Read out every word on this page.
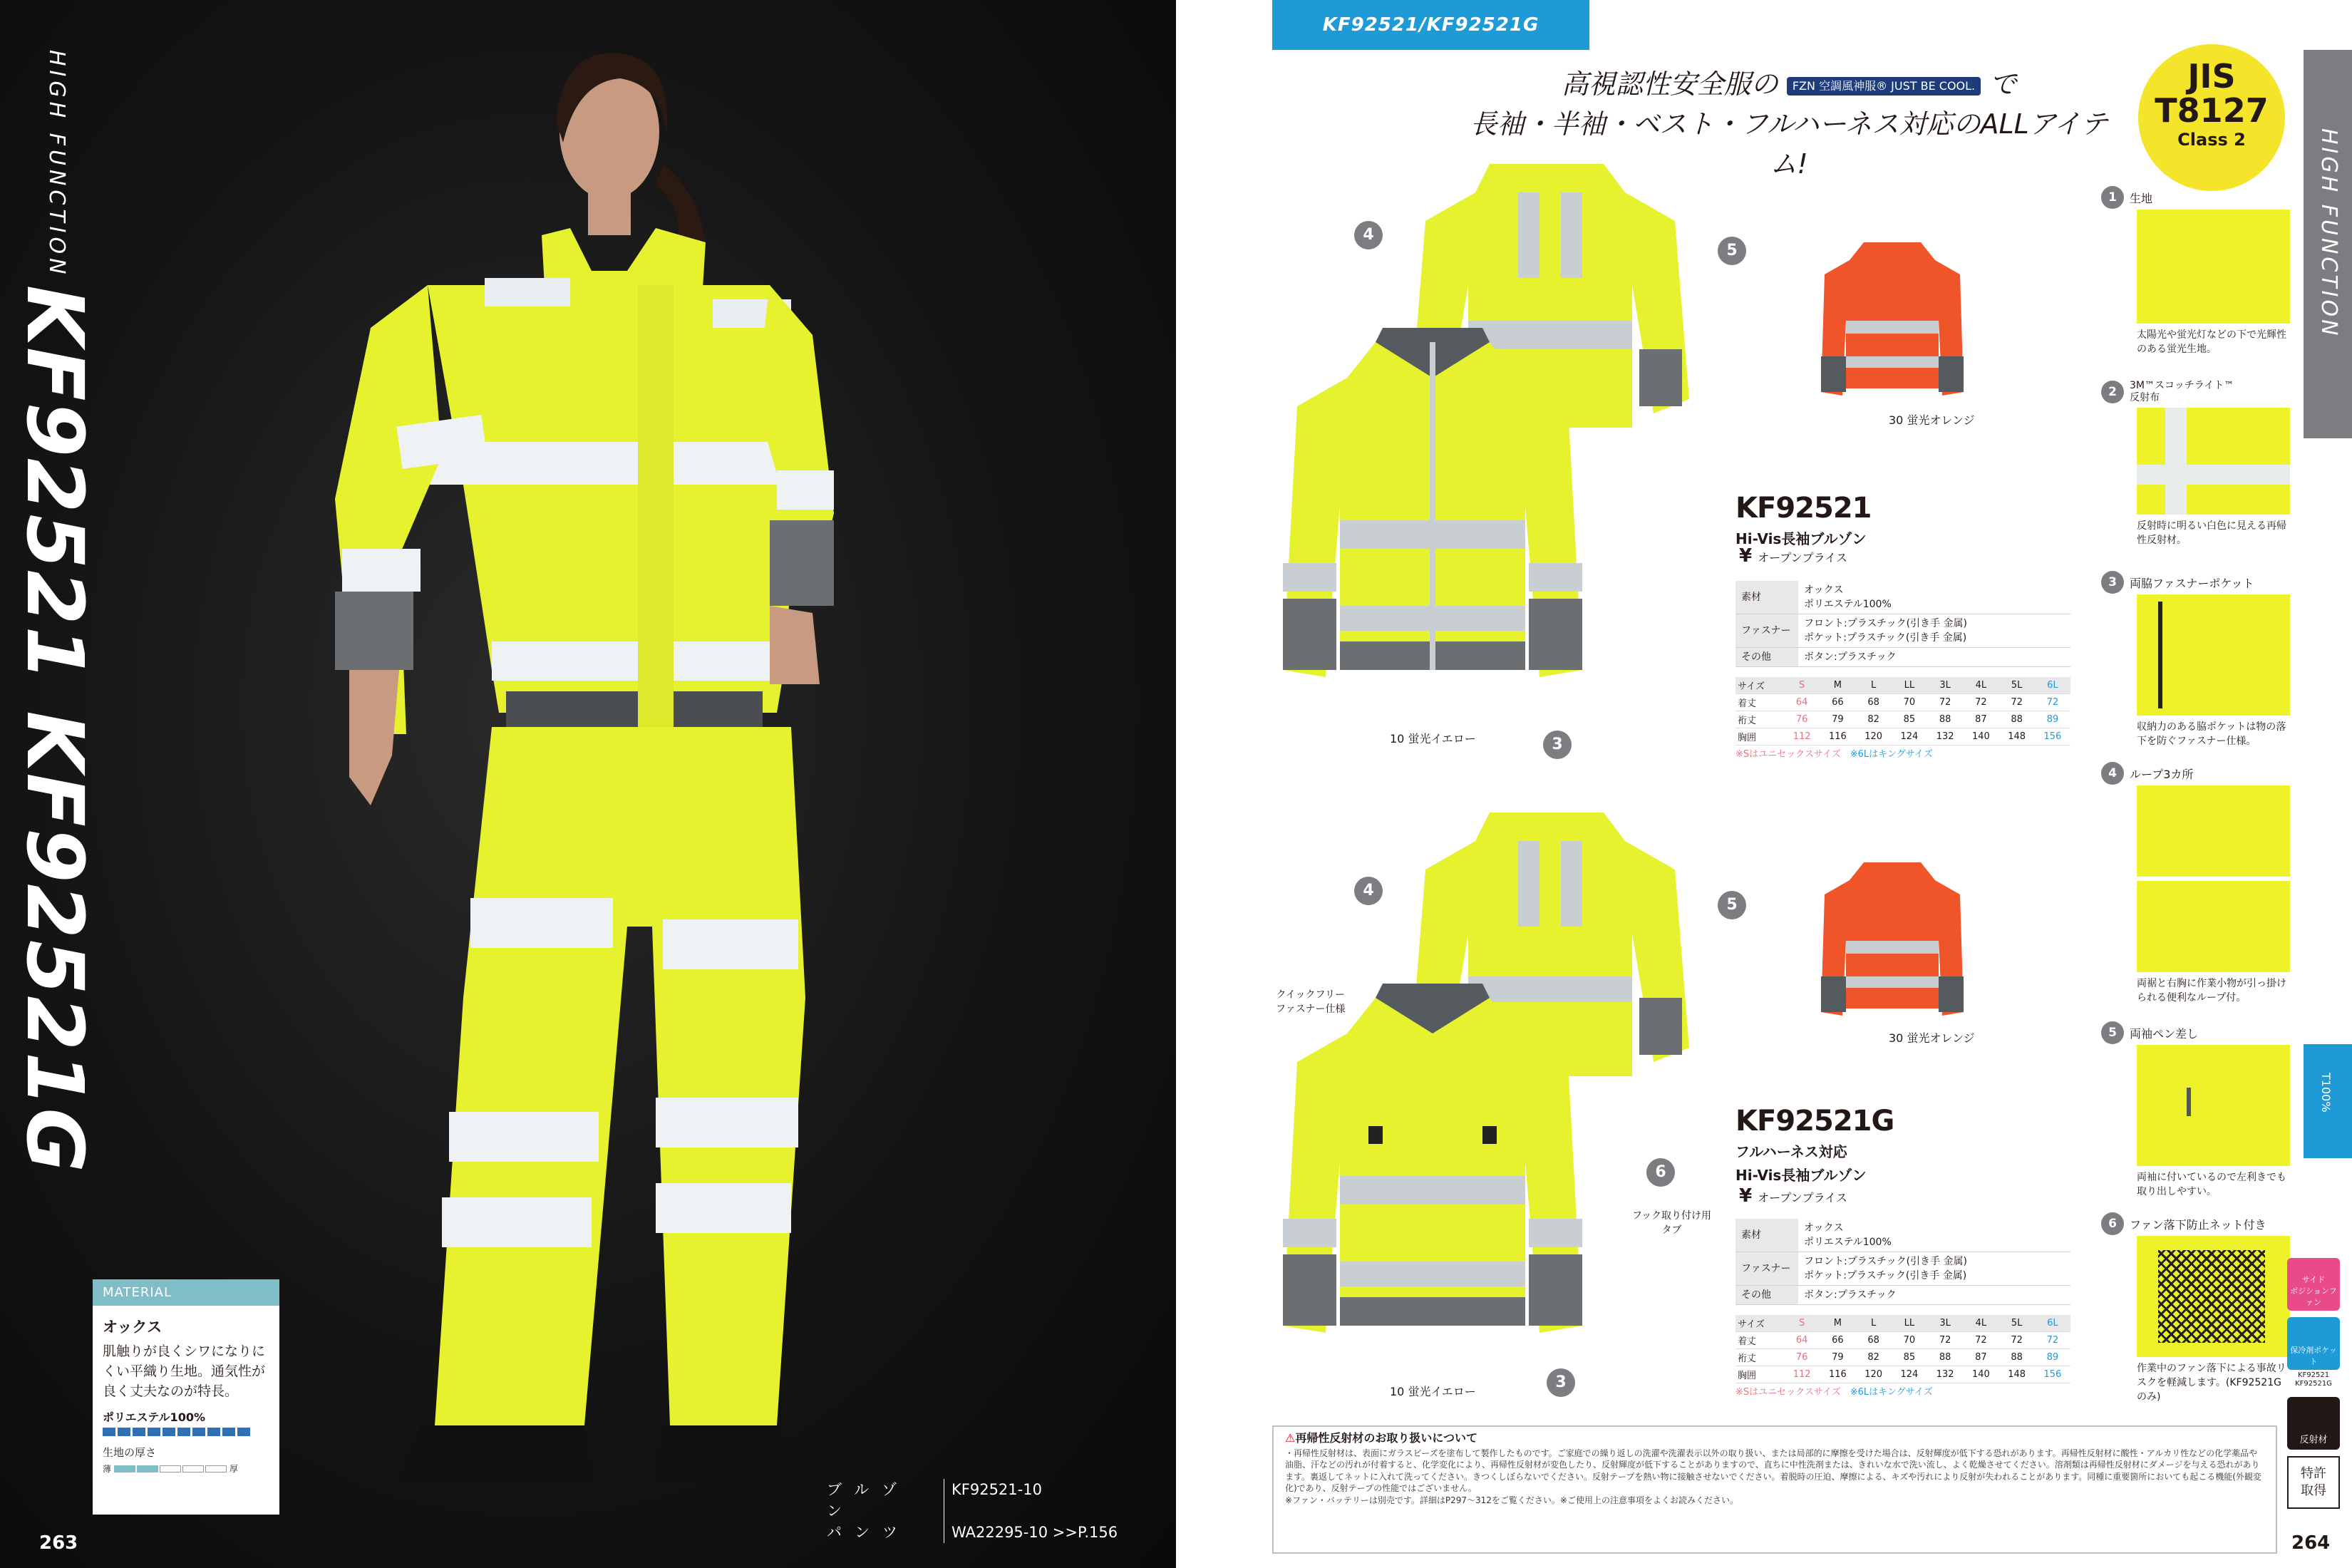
HIGH FUNCTION
KF92521 KF92521G
MATERIAL
オックス
肌触りが良くシワになりにくい平織り生地。通気性が良く丈夫なのが特長。
ポリエステル100%
生地の厚さ
薄	厚
ブルゾン
KF92521-10
パンツ	WA22295-10 >>P.156
263
KF92521/KF92521G
高視認性安全服の FZN 空調風神服® JUST BE COOL. で
長袖・半袖・ベスト・フルハーネス対応のALLアイテム!
JIS
T8127
Class 2	HIGH FUNCTION
T100%
30 蛍光オレンジ
10 蛍光イエロー
4
5
3
KF92521
Hi-Vis長袖ブルゾン
¥ オープンプライス
素材	オックス
ポリエステル100%
ファスナー	フロント:プラスチック(引き手 金属)
ポケット:プラスチック(引き手 金属)
その他	ボタン:プラスチック
サイズ	S	M	L	LL	3L	4L	5L	6L
着丈	64	66	68	70	72	72	72	72
裄丈	76	79	82	85	88	87	88	89
胸囲	112	116	120	124	132	140	148	156
※Sはユニセックスサイズ　 ※6Lはキングサイズ
30 蛍光オレンジ
10 蛍光イエロー
クイックフリー
ファスナー仕様
フック取り付け用
タブ
4
5
6
3
KF92521G
フルハーネス対応
Hi-Vis長袖ブルゾン
¥ オープンプライス
素材	オックス
ポリエステル100%
ファスナー	フロント:プラスチック(引き手 金属)
ポケット:プラスチック(引き手 金属)
その他	ボタン:プラスチック
サイズ	S	M	L	LL	3L	4L	5L	6L
着丈	64	66	68	70	72	72	72	72
裄丈	76	79	82	85	88	87	88	89
胸囲	112	116	120	124	132	140	148	156
※Sはユニセックスサイズ　 ※6Lはキングサイズ
1	生地
太陽光や蛍光灯などの下で光輝性のある蛍光生地。
2	3M™スコッチライト™
反射布
反射時に明るい白色に見える再帰性反射材。
3	両脇ファスナーポケット
収納力のある脇ポケットは物の落下を防ぐファスナー仕様。
4	ループ3カ所
両裾と右胸に作業小物が引っ掛けられる便利なループ付。
5	両袖ペン差し
両袖に付いているので左利きでも取り出しやすい。
6	ファン落下防止ネット付き
作業中のファン落下による事故リスクを軽減します。(KF92521Gのみ)
サイド
ポジションファン
保冷剤ポケット
KF92521
KF92521G
反射材
特許
取得
⚠再帰性反射材のお取り扱いについて
・再帰性反射材は、表面にガラスビーズを塗布して製作したものです。ご家庭での繰り返しの洗濯や洗濯表示以外の取り扱い、または局部的に摩擦を受けた場合は、反射輝度が低下する恐れがあります。再帰性反射材に酸性・アルカリ性などの化学薬品や油脂、汗などの汚れが付着すると、化学変化により、再帰性反射材が変色したり、反射輝度が低下することがありますので、直ちに中性洗剤または、きれいな水で洗い流し、よく乾燥させてください。溶剤類は再帰性反射材にダメージを与える恐れがあります。裏返してネットに入れて洗ってください。きつくしぼらないでください。反射テープを熱い物に接触させないでください。着脱時の圧迫、摩擦による、キズや汚れにより反射が失われることがあります。同種に重要箇所においても起こる機能(外観変化)であり、反射テープの性能ではございません。
※ファン・バッテリーは別売です。詳細はP297〜312をご覧ください。※ご使用上の注意事項をよくお読みください。
264
